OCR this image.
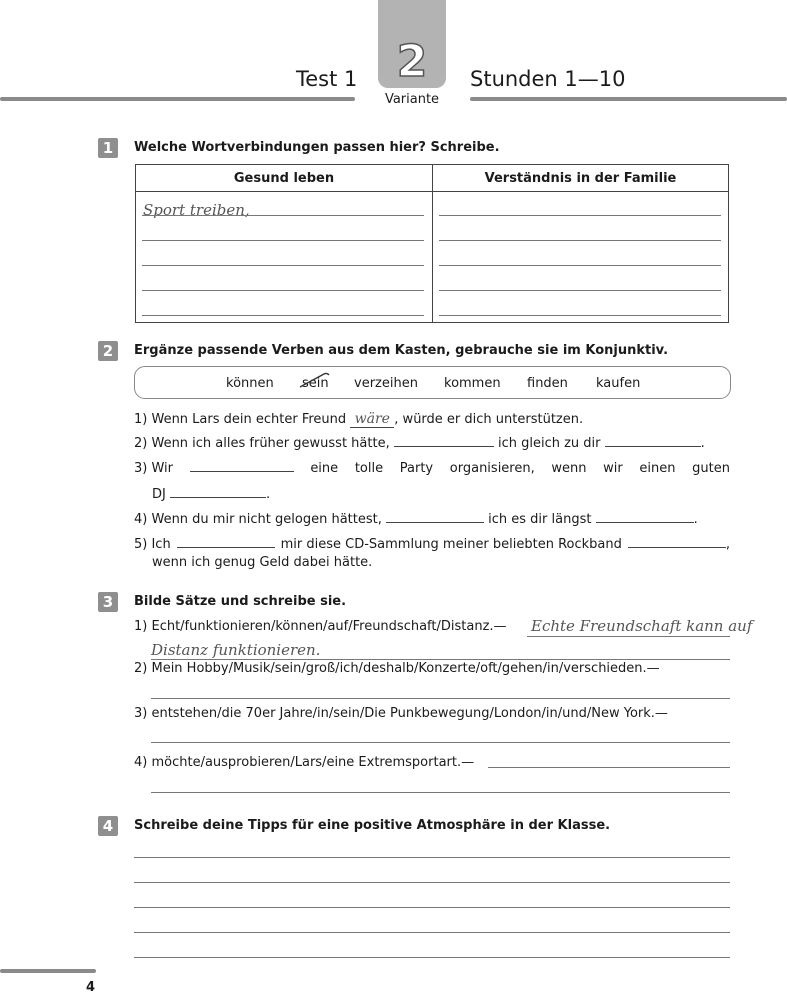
2
Variante
Test 1	Stunden 1—10
1	Welche Wortverbindungen passen hier? Schreibe.
Gesund leben	Verständnis in der Familie
Sport treiben,
2	Ergänze passende Verben aus dem Kasten, gebrauche sie im Konjunktiv.
können sein verzeihen kommen finden kaufen
1) Wenn Lars dein echter Freund wäre , würde er dich unterstützen.
2) Wenn ich alles früher gewusst hätte,	ich gleich zu dir	.
3) Wir	eine tolle Party organisieren, wenn wir einen guten
DJ	.
4) Wenn du mir nicht gelogen hättest,	ich es dir längst	.
5) Ich	mir diese CD-Sammlung meiner beliebten Rockband	,
wenn ich genug Geld dabei hätte.
3	Bilde Sätze und schreibe sie.
1) Echt/funktionieren/können/auf/Freundschaft/Distanz.— Echte Freundschaft kann auf
Distanz funktionieren.
2) Mein Hobby/Musik/sein/groß/ich/deshalb/Konzerte/oft/gehen/in/verschieden.—
3) entstehen/die 70er Jahre/in/sein/Die Punkbewegung/London/in/und/New York.—
4) möchte/ausprobieren/Lars/eine Extremsportart.—
4	Schreibe deine Tipps für eine positive Atmosphäre in der Klasse.
4
